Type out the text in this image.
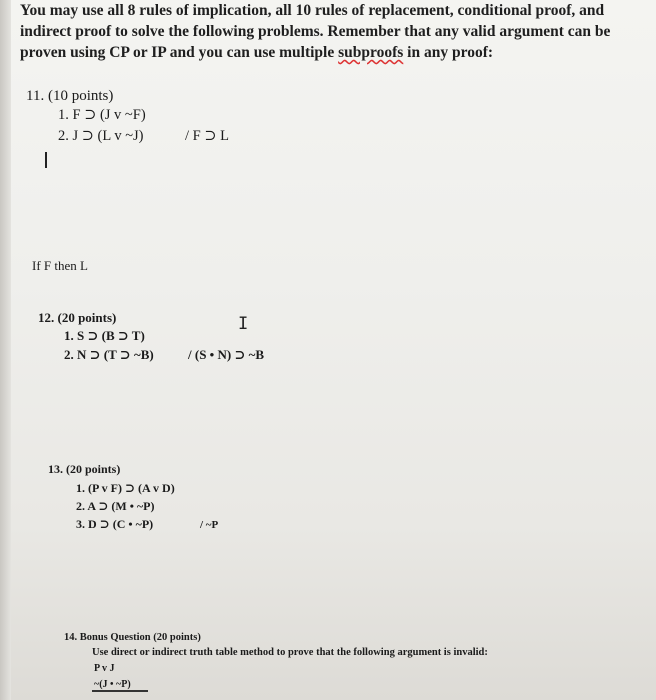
You may use all 8 rules of implication, all 10 rules of replacement, conditional proof, and indirect proof to solve the following problems. Remember that any valid argument can be proven using CP or IP and you can use multiple subproofs in any proof:
11. (10 points)
1. F ⊃ (J v ~F)
2. J ⊃ (L v ~J)	/ F ⊃ L
If F then L
12. (20 points)
1. S ⊃ (B ⊃ T)
2. N ⊃ (T ⊃ ~B)	/ (S • N) ⊃ ~B
I
13. (20 points)
1. (P v F) ⊃ (A v D)
2. A ⊃ (M • ~P)
3. D ⊃ (C • ~P)	/ ~P
14. Bonus Question (20 points)
Use direct or indirect truth table method to prove that the following argument is invalid:
P v J
~(J • ~P)
